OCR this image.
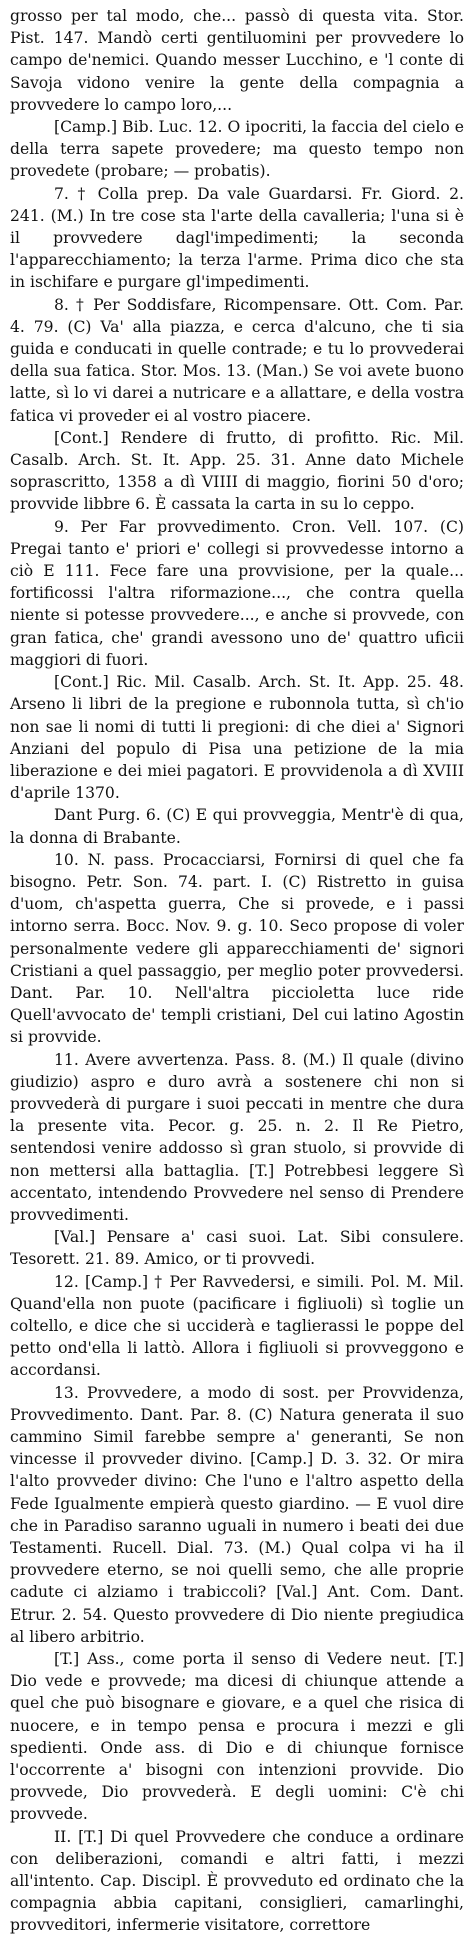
grosso per tal modo, che... passò di questa vita. Stor. Pist. 147. Mandò certi gentiluomini per provvedere lo campo de'nemici. Quando messer Lucchino, e 'l conte di Savoja vidono venire la gente della compagnia a provvedere lo campo loro,...

[Camp.] Bib. Luc. 12. O ipocriti, la faccia del cielo e della terra sapete provedere; ma questo tempo non provedete (probare; — probatis).

7. † Colla prep. Da vale Guardarsi. Fr. Giord. 2. 241. (M.) In tre cose sta l'arte della cavalleria; l'una si è il provvedere dagl'impedimenti; la seconda l'apparecchiamento; la terza l'arme. Prima dico che sta in ischifare e purgare gl'impedimenti.

8. † Per Soddisfare, Ricompensare. Ott. Com. Par. 4. 79. (C) Va' alla piazza, e cerca d'alcuno, che ti sia guida e conducati in quelle contrade; e tu lo provvederai della sua fatica. Stor. Mos. 13. (Man.) Se voi avete buono latte, sì lo vi darei a nutricare e a allattare, e della vostra fatica vi proveder ei al vostro piacere.

[Cont.] Rendere di frutto, di profitto. Ric. Mil. Casalb. Arch. St. It. App. 25. 31. Anne dato Michele soprascritto, 1358 a dì VIIII di maggio, fiorini 50 d'oro; provvide libbre 6. È cassata la carta in su lo ceppo.

9. Per Far provvedimento. Cron. Vell. 107. (C) Pregai tanto e' priori e' collegi si provvedesse intorno a ciò E 111. Fece fare una provvisione, per la quale... fortificossi l'altra riformazione..., che contra quella niente si potesse provvedere..., e anche si provvede, con gran fatica, che' grandi avessono uno de' quattro uficii maggiori di fuori.

[Cont.] Ric. Mil. Casalb. Arch. St. It. App. 25. 48. Arseno li libri de la pregione e rubonnola tutta, sì ch'io non sae li nomi di tutti li pregioni: di che diei a' Signori Anziani del populo di Pisa una petizione de la mia liberazione e dei miei pagatori. E provvidenola a dì XVIII d'aprile 1370.

Dant Purg. 6. (C) E qui provveggia, Mentr'è di qua, la donna di Brabante.

10. N. pass. Procacciarsi, Fornirsi di quel che fa bisogno. Petr. Son. 74. part. I. (C) Ristretto in guisa d'uom, ch'aspetta guerra, Che si provede, e i passi intorno serra. Bocc. Nov. 9. g. 10. Seco propose di voler personalmente vedere gli apparecchiamenti de' signori Cristiani a quel passaggio, per meglio poter provvedersi. Dant. Par. 10. Nell'altra piccioletta luce ride Quell'avvocato de' templi cristiani, Del cui latino Agostin si provvide.

11. Avere avvertenza. Pass. 8. (M.) Il quale (divino giudizio) aspro e duro avrà a sostenere chi non si provvederà di purgare i suoi peccati in mentre che dura la presente vita. Pecor. g. 25. n. 2. Il Re Pietro, sentendosi venire addosso sì gran stuolo, si provvide di non mettersi alla battaglia. [T.] Potrebbesi leggere Sì accentato, intendendo Provvedere nel senso di Prendere provvedimenti.

[Val.] Pensare a' casi suoi. Lat. Sibi consulere. Tesorett. 21. 89. Amico, or ti provvedi.

12. [Camp.] † Per Ravvedersi, e simili. Pol. M. Mil. Quand'ella non puote (pacificare i figliuoli) sì toglie un coltello, e dice che si ucciderà e taglierassi le poppe del petto ond'ella li lattò. Allora i figliuoli si provveggono e accordansi.

13. Provvedere, a modo di sost. per Provvidenza, Provvedimento. Dant. Par. 8. (C) Natura generata il suo cammino Simil farebbe sempre a' generanti, Se non vincesse il provveder divino. [Camp.] D. 3. 32. Or mira l'alto provveder divino: Che l'uno e l'altro aspetto della Fede Igualmente empierà questo giardino. — E vuol dire che in Paradiso saranno uguali in numero i beati dei due Testamenti. Rucell. Dial. 73. (M.) Qual colpa vi ha il provvedere eterno, se noi quelli semo, che alle proprie cadute ci alziamo i trabiccoli? [Val.] Ant. Com. Dant. Etrur. 2. 54. Questo provvedere di Dio niente pregiudica al libero arbitrio.

[T.] Ass., come porta il senso di Vedere neut. [T.] Dio vede e provvede; ma dicesi di chiunque attende a quel che può bisognare e giovare, e a quel che risica di nuocere, e in tempo pensa e procura i mezzi e gli spedienti. Onde ass. di Dio e di chiunque fornisce l'occorrente a' bisogni con intenzioni provvide. Dio provvede, Dio provvederà. E degli uomini: C'è chi provvede.

II. [T.] Di quel Provvedere che conduce a ordinare con deliberazioni, comandi e altri fatti, i mezzi all'intento. Cap. Discipl. È provveduto ed ordinato che la compagnia abbia capitani, consiglieri, camarlinghi, provveditori, infermerie visitatore, correttore
